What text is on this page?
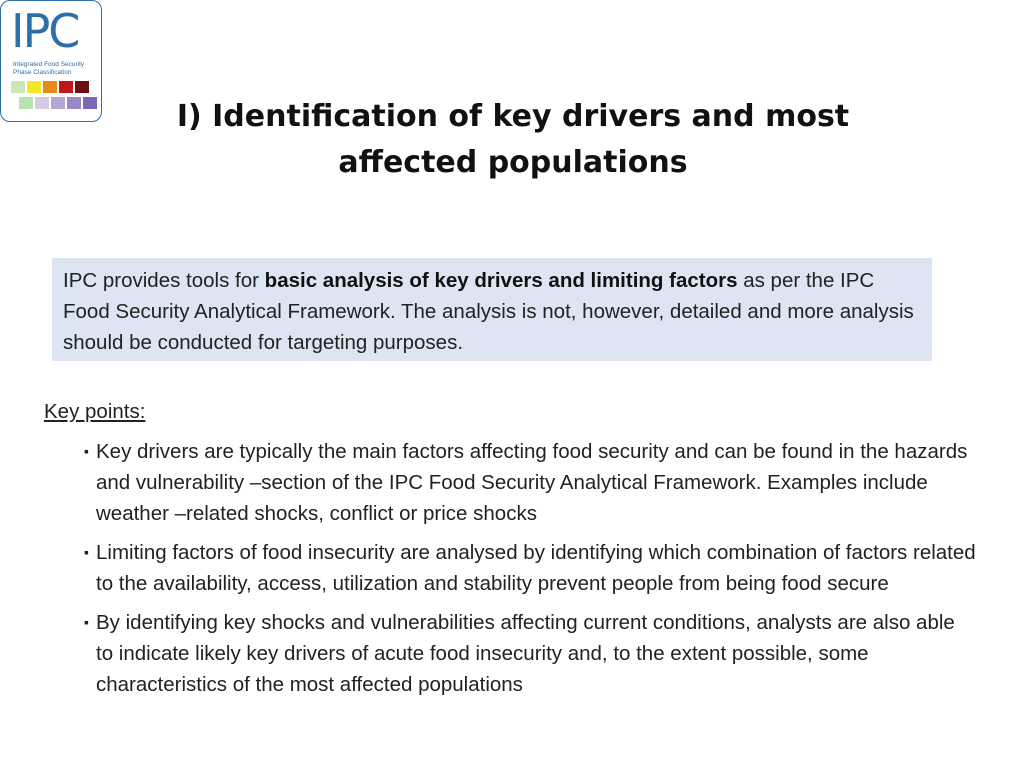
IPC
Integrated Food Security
Phase Classification
I) Identification of key drivers and most
affected populations
IPC provides tools for basic analysis of key drivers and limiting factors as per the IPC Food Security Analytical Framework. The analysis is not, however, detailed and more analysis should be conducted for targeting purposes.
Key points:
▪ Key drivers are typically the main factors affecting food security and can be found in the hazards and vulnerability –section of the IPC Food Security Analytical Framework. Examples include weather –related shocks, conflict or price shocks
▪ Limiting factors of food insecurity are analysed by identifying which combination of factors related to the availability, access, utilization and stability prevent people from being food secure
▪ By identifying key shocks and vulnerabilities affecting current conditions, analysts are also able to indicate likely key drivers of acute food insecurity and, to the extent possible, some characteristics of the most affected populations
